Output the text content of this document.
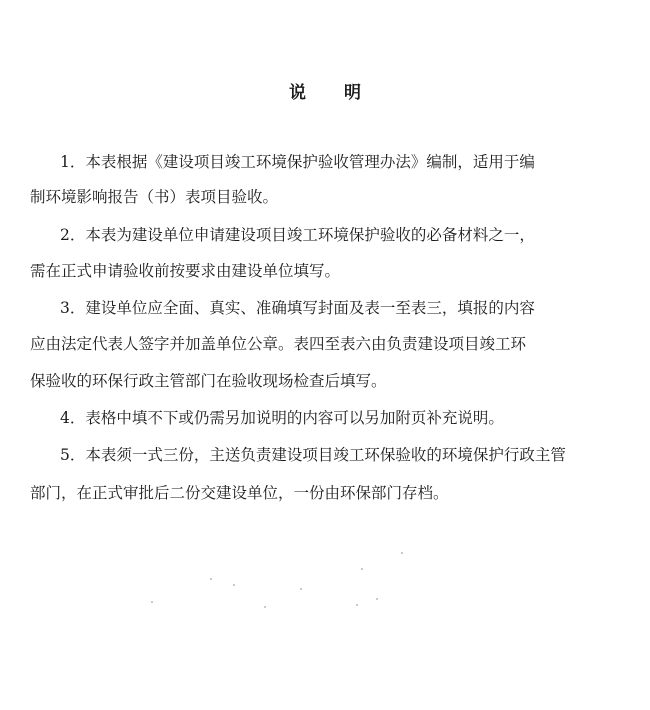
说 明
1．本表根据《建设项目竣工环境保护验收管理办法》编制，适用于编
制环境影响报告（书）表项目验收。
2．本表为建设单位申请建设项目竣工环境保护验收的必备材料之一，
需在正式申请验收前按要求由建设单位填写。
3．建设单位应全面、真实、准确填写封面及表一至表三，填报的内容
应由法定代表人签字并加盖单位公章。表四至表六由负责建设项目竣工环
保验收的环保行政主管部门在验收现场检查后填写。
4．表格中填不下或仍需另加说明的内容可以另加附页补充说明。
5．本表须一式三份，主送负责建设项目竣工环保验收的环境保护行政主管
部门，在正式审批后二份交建设单位，一份由环保部门存档。
